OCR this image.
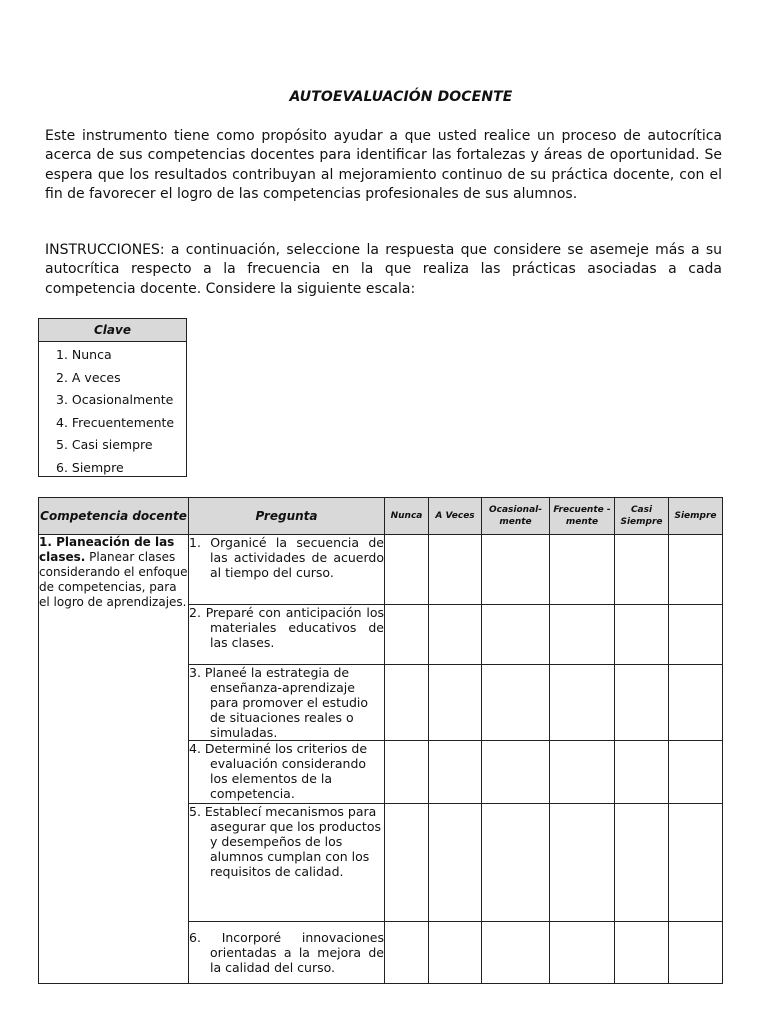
AUTOEVALUACIÓN DOCENTE

Este instrumento tiene como propósito ayudar a que usted realice un proceso de autocrítica acerca de sus competencias docentes para identificar las fortalezas y áreas de oportunidad. Se espera que los resultados contribuyan al mejoramiento continuo de su práctica docente, con el fin de favorecer el logro de las competencias profesionales de sus alumnos.

INSTRUCCIONES: a continuación, seleccione la respuesta que considere se asemeje más a su autocrítica respecto a la frecuencia en la que realiza las prácticas asociadas a cada competencia docente. Considere la siguiente escala:

Clave
1. Nunca
2. A veces
3. Ocasionalmente
4. Frecuentemente
5. Casi siempre
6. Siempre
Competencia docente	Pregunta	Nunca	A Veces	Ocasional- mente	Frecuente - mente	Casi Siempre	Siempre
1. Planeación de las clases. Planear clases considerando el enfoque de competencias, para el logro de aprendizajes.	1. Organicé la secuencia de las actividades de acuerdo al tiempo del curso.						

	2. Preparé con anticipación los materiales educativos de las clases.						

	3. Planeé la estrategia de enseñanza-aprendizaje para promover el estudio de situaciones reales o simuladas.						

	4. Determiné los criterios de evaluación considerando los elementos de la competencia.						

	5. Establecí mecanismos para asegurar que los productos y desempeños de los alumnos cumplan con los requisitos de calidad.						

	6. Incorporé innovaciones orientadas a la mejora de la calidad del curso.						
